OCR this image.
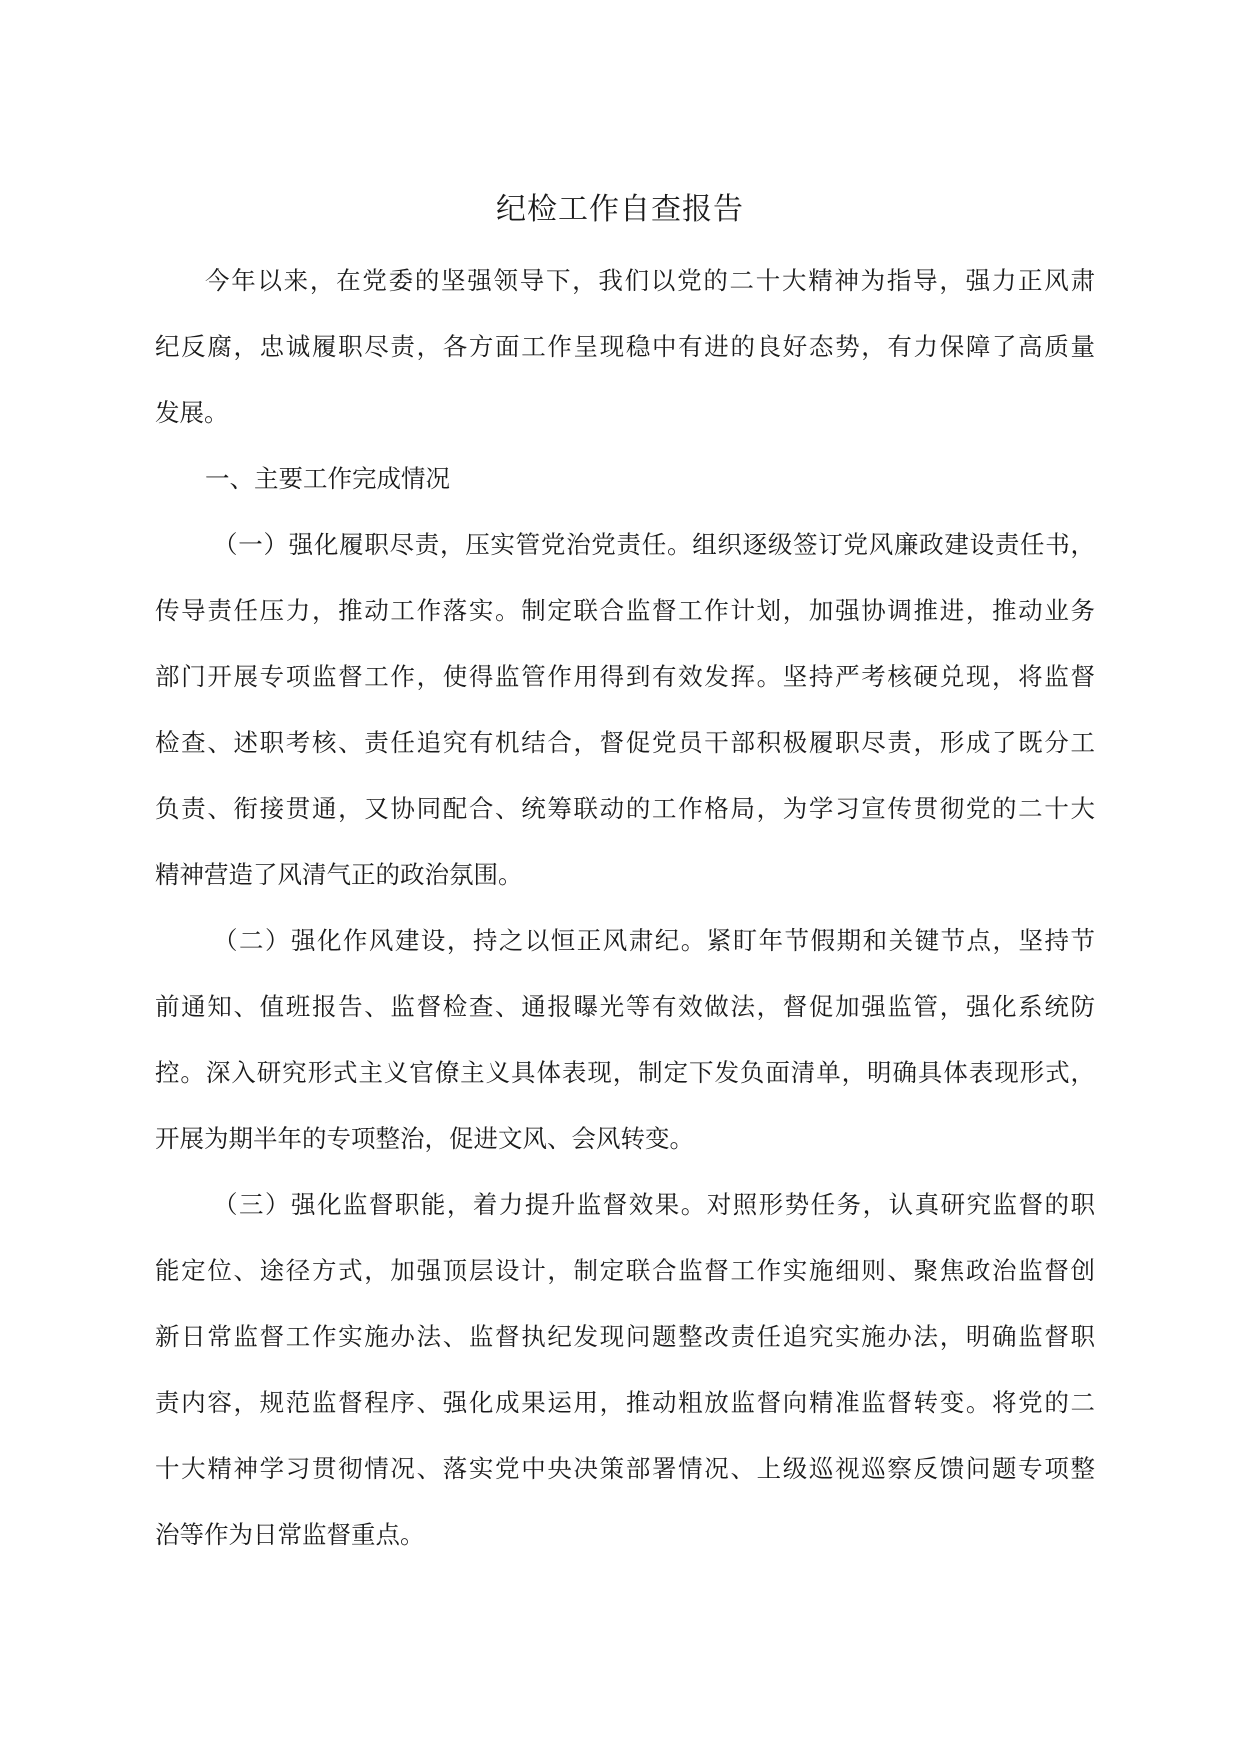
纪检工作自查报告

今年以来，在党委的坚强领导下，我们以党的二十大精神为指导，强力正风肃

纪反腐，忠诚履职尽责，各方面工作呈现稳中有进的良好态势，有力保障了高质量

发展。

一、主要工作完成情况

（一）强化履职尽责，压实管党治党责任。组织逐级签订党风廉政建设责任书，

传导责任压力，推动工作落实。制定联合监督工作计划，加强协调推进，推动业务

部门开展专项监督工作，使得监管作用得到有效发挥。坚持严考核硬兑现，将监督

检查、述职考核、责任追究有机结合，督促党员干部积极履职尽责，形成了既分工

负责、衔接贯通，又协同配合、统筹联动的工作格局，为学习宣传贯彻党的二十大

精神营造了风清气正的政治氛围。

（二）强化作风建设，持之以恒正风肃纪。紧盯年节假期和关键节点，坚持节

前通知、值班报告、监督检查、通报曝光等有效做法，督促加强监管，强化系统防

控。深入研究形式主义官僚主义具体表现，制定下发负面清单，明确具体表现形式，

开展为期半年的专项整治，促进文风、会风转变。

（三）强化监督职能，着力提升监督效果。对照形势任务，认真研究监督的职

能定位、途径方式，加强顶层设计，制定联合监督工作实施细则、聚焦政治监督创

新日常监督工作实施办法、监督执纪发现问题整改责任追究实施办法，明确监督职

责内容，规范监督程序、强化成果运用，推动粗放监督向精准监督转变。将党的二

十大精神学习贯彻情况、落实党中央决策部署情况、上级巡视巡察反馈问题专项整

治等作为日常监督重点。
